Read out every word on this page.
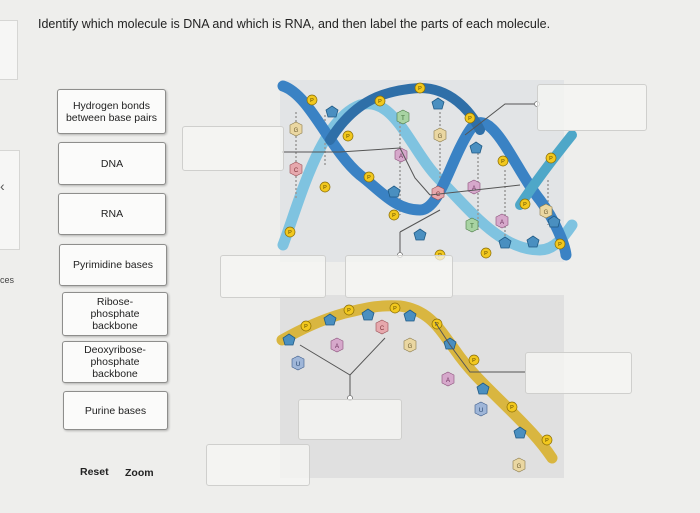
‹
ces
Identify which molecule is DNA and which is RNA, and then label the parts of each molecule.
Hydrogen bonds between base pairs
DNA
RNA
Pyrimidine bases
Ribose-phosphate backbone
Deoxyribose-phosphate backbone
Purine bases
Reset Zoom
G
C
T
A
G
C
A
T
A
G
P	P
P
P
P
P
P
P
P
P	P
P
P
P
U
A
C
G
A
U
G
P
P	P
P
P
P
P
